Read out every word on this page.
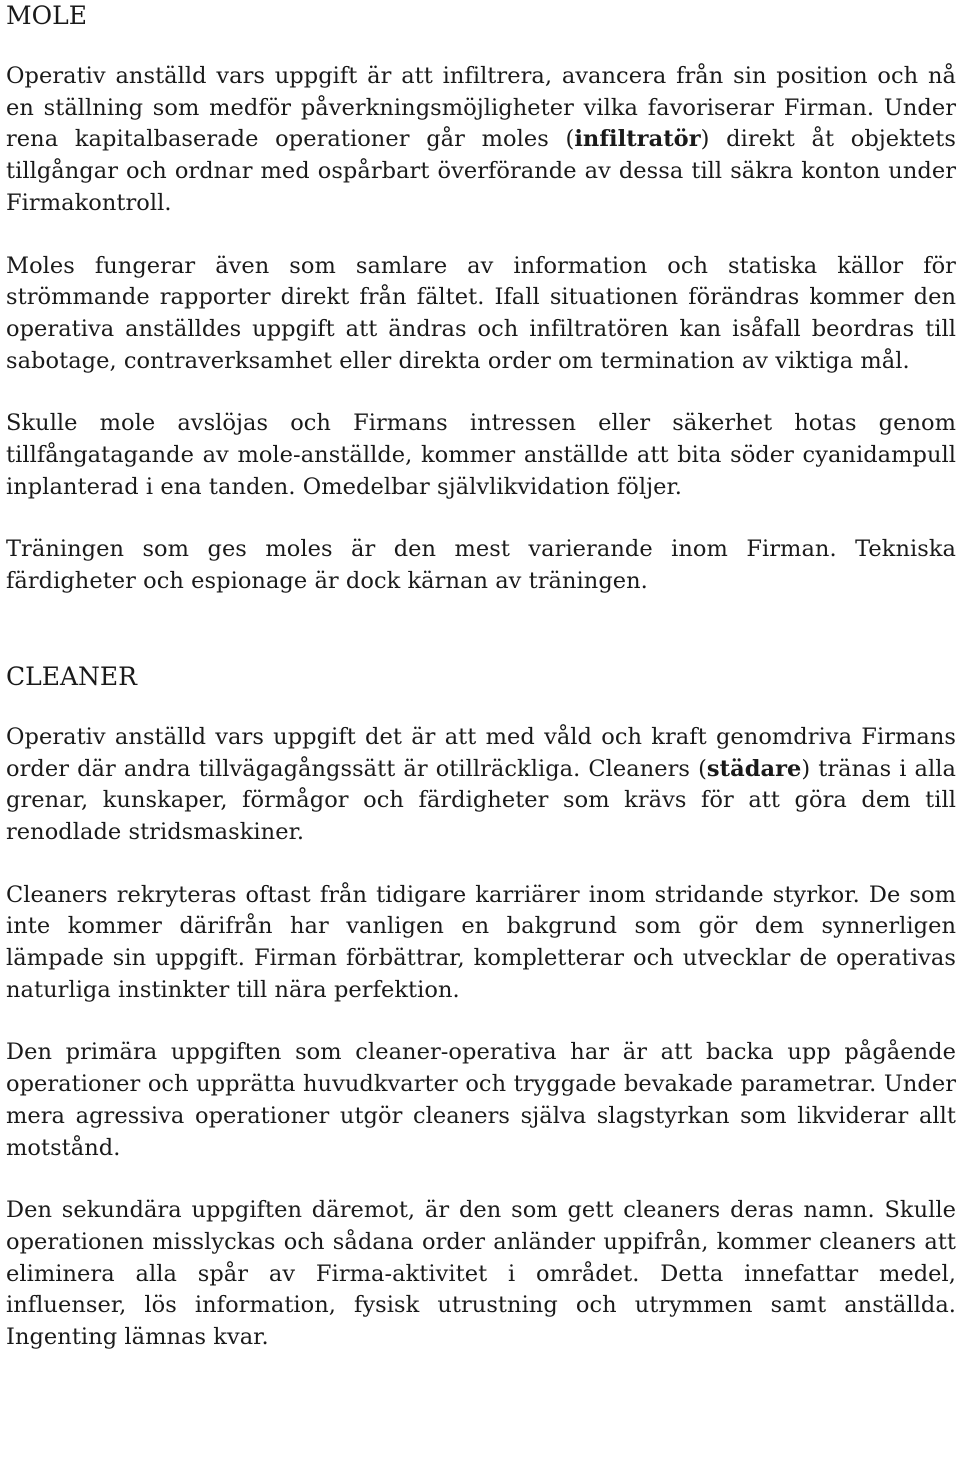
MOLE

Operativ anställd vars uppgift är att infiltrera, avancera från sin position och nå en ställning som medför påverkningsmöjligheter vilka favoriserar Firman. Under rena kapitalbaserade operationer går moles (infiltratör) direkt åt objektets tillgångar och ordnar med ospårbart överförande av dessa till säkra konton under Firmakontroll.

Moles fungerar även som samlare av information och statiska källor för strömmande rapporter direkt från fältet. Ifall situationen förändras kommer den operativa anställdes uppgift att ändras och infiltratören kan isåfall beordras till sabotage, contraverksamhet eller direkta order om termination av viktiga mål.

Skulle mole avslöjas och Firmans intressen eller säkerhet hotas genom tillfångatagande av mole-anställde, kommer anställde att bita söder cyanidampull inplanterad i ena tanden. Omedelbar självlikvidation följer.

Träningen som ges moles är den mest varierande inom Firman. Tekniska färdigheter och espionage är dock kärnan av träningen.

CLEANER

Operativ anställd vars uppgift det är att med våld och kraft genomdriva Firmans order där andra tillvägagångssätt är otillräckliga. Cleaners (städare) tränas i alla grenar, kunskaper, förmågor och färdigheter som krävs för att göra dem till renodlade stridsmaskiner.

Cleaners rekryteras oftast från tidigare karriärer inom stridande styrkor. De som inte kommer därifrån har vanligen en bakgrund som gör dem synnerligen lämpade sin uppgift. Firman förbättrar, kompletterar och utvecklar de operativas naturliga instinkter till nära perfektion.

Den primära uppgiften som cleaner-operativa har är att backa upp pågående operationer och upprätta huvudkvarter och tryggade bevakade parametrar. Under mera agressiva operationer utgör cleaners själva slagstyrkan som likviderar allt motstånd.

Den sekundära uppgiften däremot, är den som gett cleaners deras namn. Skulle operationen misslyckas och sådana order anländer uppifrån, kommer cleaners att eliminera alla spår av Firma-aktivitet i området. Detta innefattar medel, influenser, lös information, fysisk utrustning och utrymmen samt anställda. Ingenting lämnas kvar.
